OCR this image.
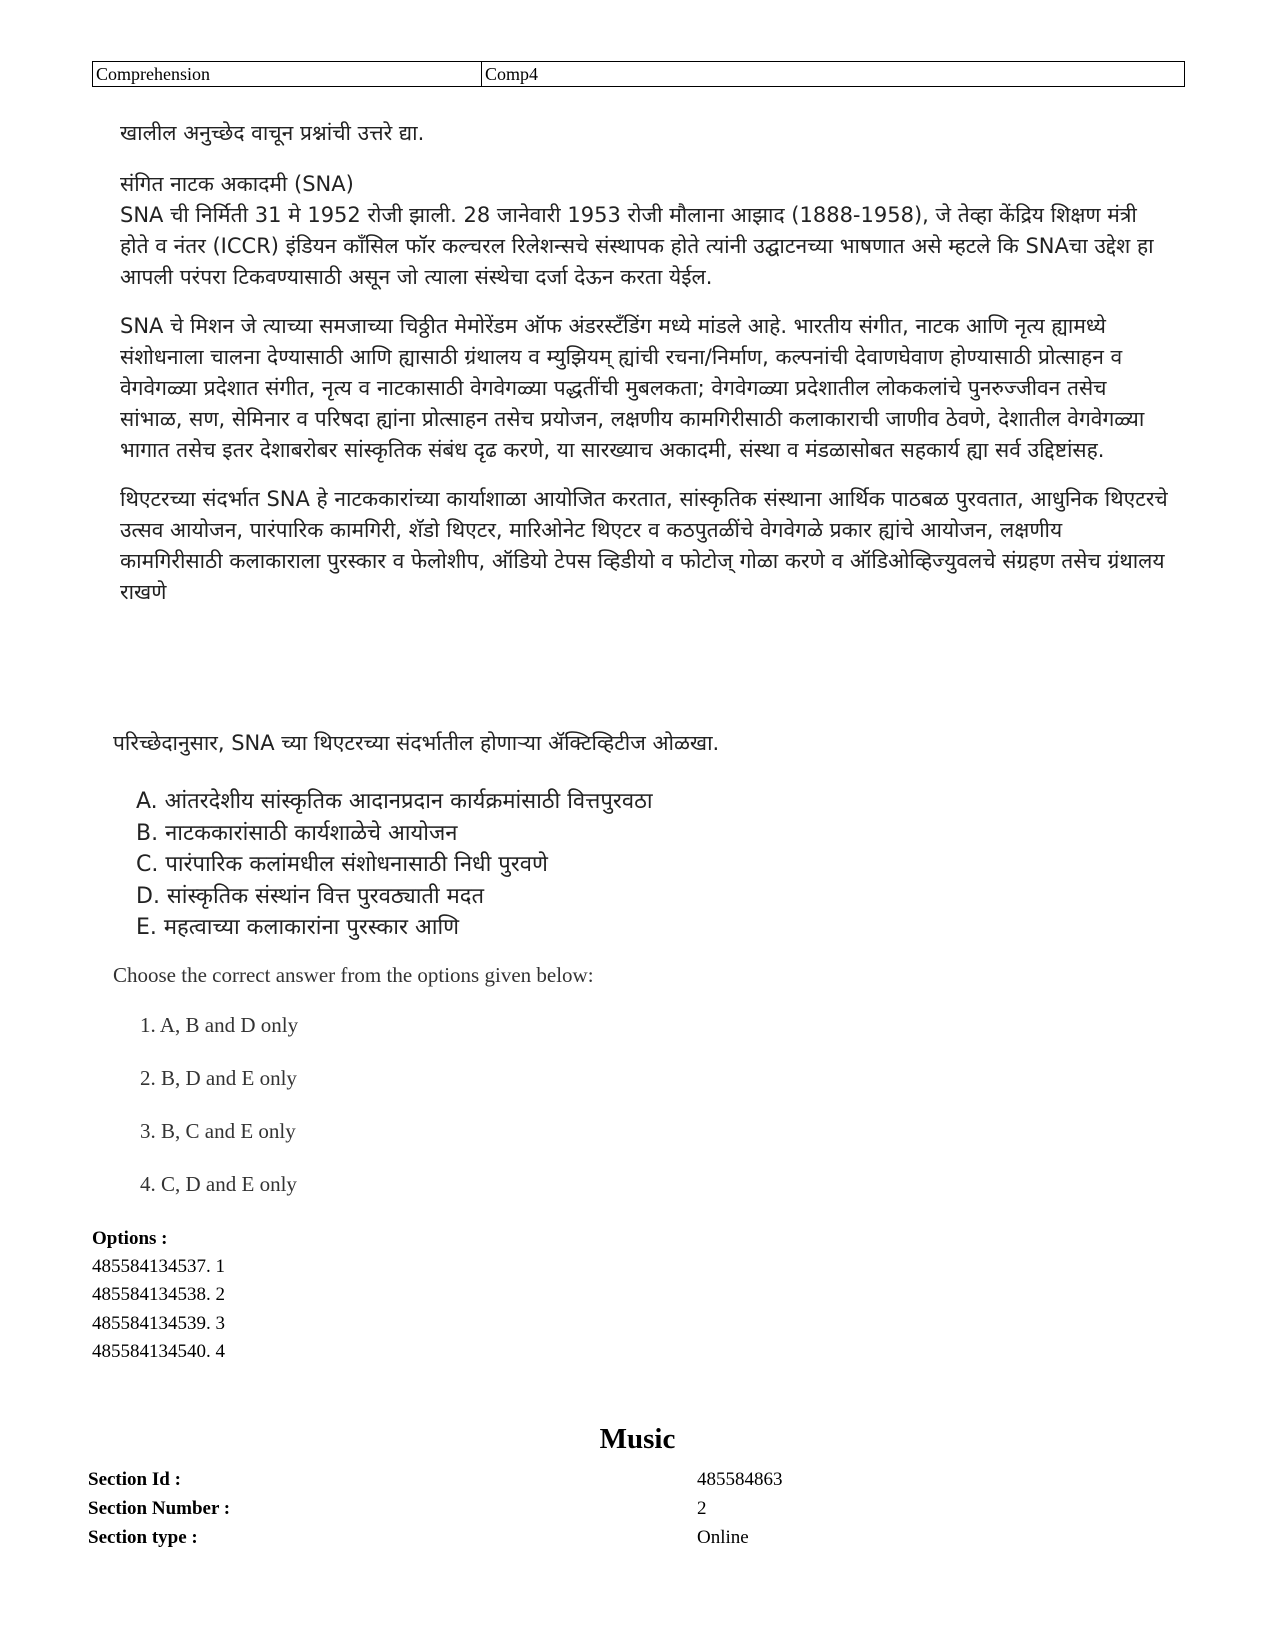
Comprehension	Comp4

खालील अनुच्छेद वाचून प्रश्नांची उत्तरे द्या.

संगित नाटक अकादमी (SNA)

SNA ची निर्मिती 31 मे 1952 रोजी झाली. 28 जानेवारी 1953 रोजी मौलाना आझाद (1888-1958), जे तेव्हा केंद्रिय शिक्षण मंत्री होते व नंतर (ICCR) इंडियन कॉंसिल फॉर कल्चरल रिलेशन्सचे संस्थापक होते त्यांनी उद्घाटनच्या भाषणात असे म्हटले कि SNAचा उद्देश हा आपली परंपरा टिकवण्यासाठी असून जो त्याला संस्थेचा दर्जा देऊन करता येईल.

SNA चे मिशन जे त्याच्या समजाच्या चिठ्ठीत मेमोरेंडम ऑफ अंडरस्टँडिंग मध्ये मांडले आहे. भारतीय संगीत, नाटक आणि नृत्य ह्यामध्ये संशोधनाला चालना देण्यासाठी आणि ह्यासाठी ग्रंथालय व म्युझियम् ह्यांची रचना/निर्माण, कल्पनांची देवाणघेवाण होण्यासाठी प्रोत्साहन व वेगवेगळ्या प्रदेशात संगीत, नृत्य व नाटकासाठी वेगवेगळ्या पद्धतींची मुबलकता; वेगवेगळ्या प्रदेशातील लोककलांचे पुनरुज्जीवन तसेच सांभाळ, सण, सेमिनार व परिषदा ह्यांना प्रोत्साहन तसेच प्रयोजन, लक्षणीय कामगिरीसाठी कलाकाराची जाणीव ठेवणे, देशातील वेगवेगळ्या भागात तसेच इतर देशाबरोबर सांस्कृतिक संबंध दृढ करणे, या सारख्याच अकादमी, संस्था व मंडळासोबत सहकार्य ह्या सर्व उद्दिष्टांसह.

थिएटरच्या संदर्भात SNA हे नाटककारांच्या कार्याशाळा आयोजित करतात, सांस्कृतिक संस्थाना आर्थिक पाठबळ पुरवतात, आधुनिक थिएटरचे उत्सव आयोजन, पारंपारिक कामगिरी, शॅडो थिएटर, मारिओनेट थिएटर व कठपुतळींचे वेगवेगळे प्रकार ह्यांचे आयोजन, लक्षणीय कामगिरीसाठी कलाकाराला पुरस्कार व फेलोशीप, ऑडियो टेपस व्हिडीयो व फोटोज् गोळा करणे व ऑडिओव्हिज्युवलचे संग्रहण तसेच ग्रंथालय राखणे

परिच्छेदानुसार, SNA च्या थिएटरच्या संदर्भातील होणाऱ्या ॲक्टिव्हिटीज ओळखा.
A. आंतरदेशीय सांस्कृतिक आदानप्रदान कार्यक्रमांसाठी वित्तपुरवठा
B. नाटककारांसाठी कार्यशाळेचे आयोजन
C. पारंपारिक कलांमधील संशोधनासाठी निधी पुरवणे
D. सांस्कृतिक संस्थांन वित्त पुरवठ्याती मदत
E. महत्वाच्या कलाकारांना पुरस्कार आणि
Choose the correct answer from the options given below:
1. A, B and D only
2. B, D and E only
3. B, C and E only
4. C, D and E only
Options :
485584134537. 1
485584134538. 2
485584134539. 3
485584134540. 4
Music
Section Id :	485584863
Section Number :	2
Section type :	Online
